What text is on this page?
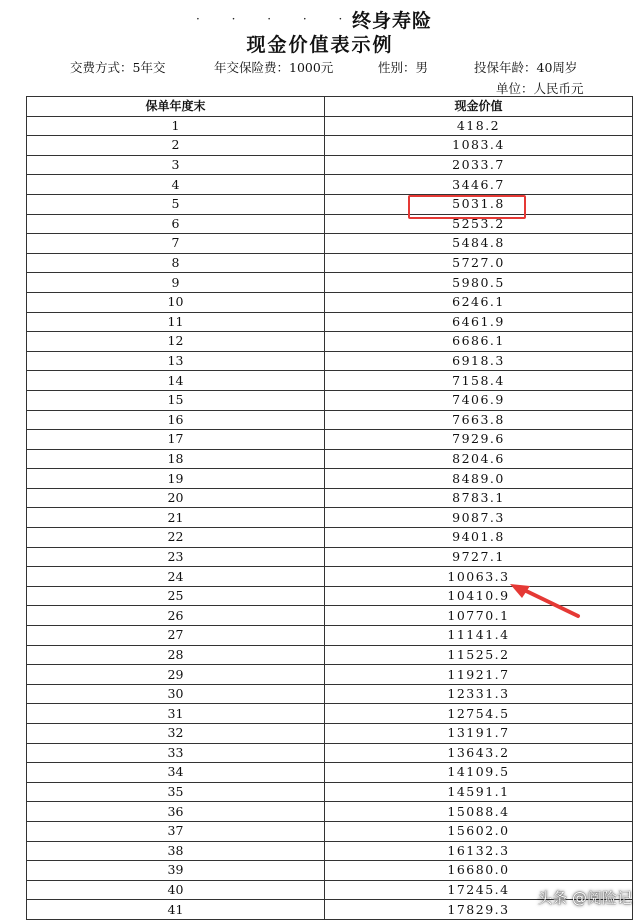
· · · · ·
终身寿险
现金价值表示例
交费方式：5年交	年交保险费：1000元	性别：男	投保年龄：40周岁
单位：人民币元
保单年度末	现金价值
1	418.2
2	1083.4
3	2033.7
4	3446.7
5	5031.8
6	5253.2
7	5484.8
8	5727.0
9	5980.5
10	6246.1
11	6461.9
12	6686.1
13	6918.3
14	7158.4
15	7406.9
16	7663.8
17	7929.6
18	8204.6
19	8489.0
20	8783.1
21	9087.3
22	9401.8
23	9727.1
24	10063.3
25	10410.9
26	10770.1
27	11141.4
28	11525.2
29	11921.7
30	12331.3
31	12754.5
32	13191.7
33	13643.2
34	14109.5
35	14591.1
36	15088.4
37	15602.0
38	16132.3
39	16680.0
40	17245.4
41	17829.3
头条 @阅险记
